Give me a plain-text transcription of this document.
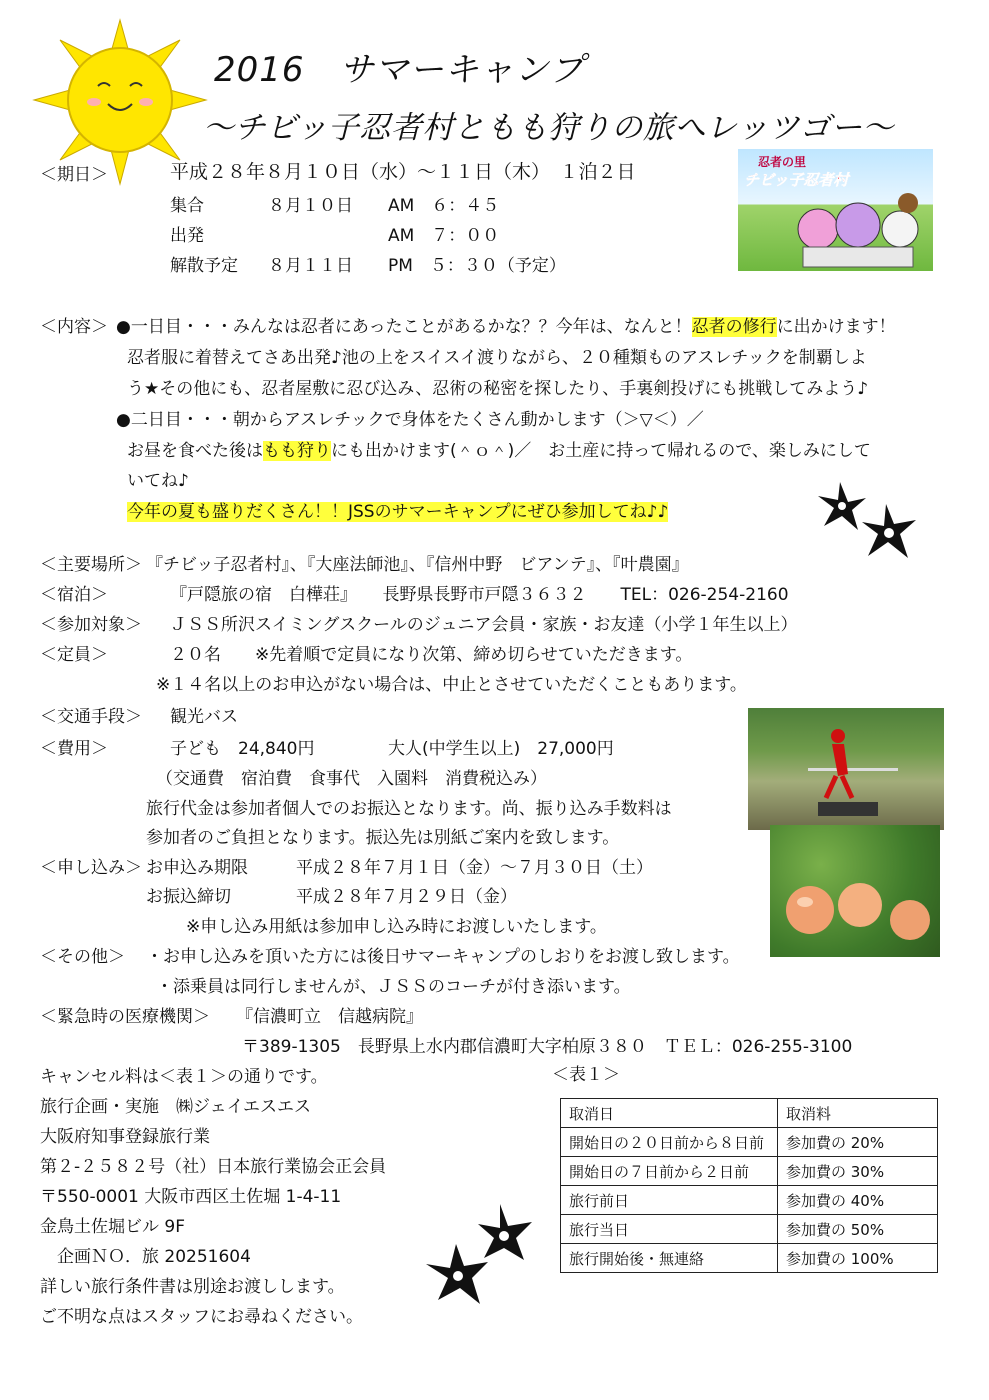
2016　サマーキャンプ
～チビッ子忍者村ともも狩りの旅へレッツゴー～
＜期日＞	平成２８年８月１０日（水）～１１日（木）　１泊２日
集合	８月１０日 AM　６：４５
出発	AM　７：００
解散予定 ８月１１日 PM　５：３０（予定）
忍者の里
チビッ子忍者村
＜内容＞ ●一日目・・・みんなは忍者にあったことがあるかな？？今年は、なんと！忍者の修行に出かけます！
忍者服に着替えてさあ出発♪池の上をスイスイ渡りながら、２０種類ものアスレチックを制覇しよ
う★その他にも、忍者屋敷に忍び込み、忍術の秘密を探したり、手裏剣投げにも挑戦してみよう♪
●二日目・・・朝からアスレチックで身体をたくさん動かします（＞▽＜）／
お昼を食べた後はもも狩りにも出かけます(＾ｏ＾)／　お土産に持って帰れるので、楽しみにして
いてね♪
今年の夏も盛りだくさん！！JSSのサマーキャンプにぜひ参加してね♪♪
＜主要場所＞ 『チビッ子忍者村』、『大座法師池』、『信州中野　ビアンテ』、『叶農園』
＜宿泊＞	『戸隠旅の宿　白樺荘』　　長野県長野市戸隠３６３２　　TEL：026-254-2160
＜参加対象＞ ＪＳＳ所沢スイミングスクールのジュニア会員・家族・お友達（小学１年生以上）
＜定員＞	２０名　　※先着順で定員になり次第、締め切らせていただきます。
※１４名以上のお申込がない場合は、中止とさせていただくこともあります。
＜交通手段＞ 観光バス
＜費用＞	子ども　24,840円	大人(中学生以上)　27,000円
（交通費　宿泊費　食事代　入園料　消費税込み）
旅行代金は参加者個人でのお振込となります。尚、振り込み手数料は
参加者のご負担となります。振込先は別紙ご案内を致します。
＜申し込み＞ お申込み期限	平成２８年７月１日（金）～７月３０日（土）
お振込締切	平成２８年７月２９日（金）
※申し込み用紙は参加申し込み時にお渡しいたします。
＜その他＞ ・お申し込みを頂いた方には後日サマーキャンプのしおりをお渡し致します。
・添乗員は同行しませんが、ＪＳＳのコーチが付き添います。
＜緊急時の医療機関＞ 『信濃町立　信越病院』
〒389-1305　長野県上水内郡信濃町大字柏原３８０　ＴＥＬ：026-255-3100
キャンセル料は＜表１＞の通りです。
旅行企画・実施　㈱ジェイエスエス
大阪府知事登録旅行業
第２-２５８２号（社）日本旅行業協会正会員
〒550-0001 大阪市西区土佐堀 1-4-11
金鳥土佐堀ビル 9F
　企画ＮＯ．旅 20251604
詳しい旅行条件書は別途お渡しします。
ご不明な点はスタッフにお尋ねください。
＜表１＞
取消日	取消料
開始日の２０日前から８日前	参加費の 20%
開始日の７日前から２日前	参加費の 30%
旅行前日	参加費の 40%
旅行当日	参加費の 50%
旅行開始後・無連絡	参加費の 100%
